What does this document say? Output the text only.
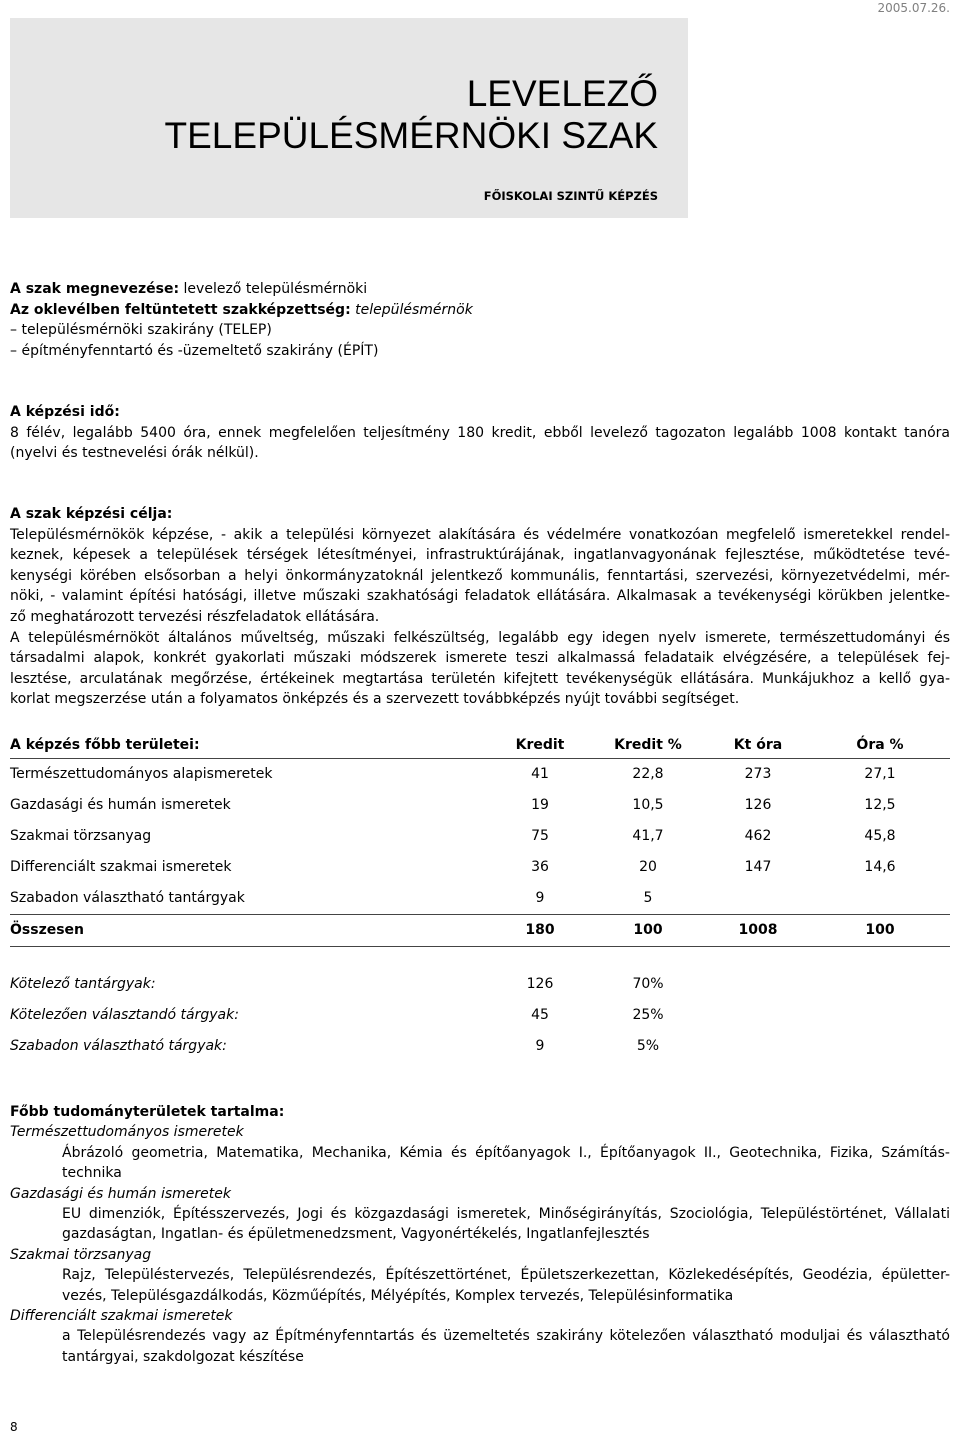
2005.07.26.
LEVELEZŐ
TELEPÜLÉSMÉRNÖKI SZAK
FŐISKOLAI SZINTŰ KÉPZÉS
A szak megnevezése: levelező településmérnöki
Az oklevélben feltüntetett szakképzettség: településmérnök
– településmérnöki szakirány (TELEP)
– építményfenntartó és -üzemeltető szakirány (ÉPÍT)
A képzési idő:
8 félév, legalább 5400 óra, ennek megfelelően teljesítmény 180 kredit, ebből levelező tagozaton legalább 1008 kontakt tanóra
(nyelvi és testnevelési órák nélkül).
A szak képzési célja:
Településmérnökök képzése, - akik a települési környezet alakítására és védelmére vonatkozóan megfelelő ismeretekkel rendel-
keznek, képesek a települések térségek létesítményei, infrastruktúrájának, ingatlanvagyonának fejlesztése, működtetése tevé-
kenységi körében elsősorban a helyi önkormányzatoknál jelentkező kommunális, fenntartási, szervezési, környezetvédelmi, mér-
nöki, - valamint építési hatósági, illetve műszaki szakhatósági feladatok ellátására. Alkalmasak a tevékenységi körükben jelentke-
ző meghatározott tervezési részfeladatok ellátására.
A településmérnököt általános műveltség, műszaki felkészültség, legalább egy idegen nyelv ismerete, természettudományi és
társadalmi alapok, konkrét gyakorlati műszaki módszerek ismerete teszi alkalmassá feladataik elvégzésére, a települések fej-
lesztése, arculatának megőrzése, értékeinek megtartása területén kifejtett tevékenységük ellátására. Munkájukhoz a kellő gya-
korlat megszerzése után a folyamatos önképzés és a szervezett továbbképzés nyújt további segítséget.
A képzés főbb területei:	Kredit	Kredit %	Kt óra	Óra %
Természettudományos alapismeretek	41	22,8	273	27,1
Gazdasági és humán ismeretek	19	10,5	126	12,5
Szakmai törzsanyag	75	41,7	462	45,8
Differenciált szakmai ismeretek	36	20	147	14,6
Szabadon választható tantárgyak	9	5
Összesen	180	100	1008	100
Kötelező tantárgyak:	126	70%
Kötelezően választandó tárgyak:	45	25%
Szabadon választható tárgyak:	9	5%
Főbb tudományterületek tartalma:
Természettudományos ismeretek
Ábrázoló geometria, Matematika, Mechanika, Kémia és építőanyagok I., Építőanyagok II., Geotechnika, Fizika, Számítás-
technika
Gazdasági és humán ismeretek
EU dimenziók, Építésszervezés, Jogi és közgazdasági ismeretek, Minőségirányítás, Szociológia, Településtörténet, Vállalati
gazdaságtan, Ingatlan- és épületmenedzsment, Vagyonértékelés, Ingatlanfejlesztés
Szakmai törzsanyag
Rajz, Településtervezés, Településrendezés, Építészettörténet, Épületszerkezettan, Közlekedésépítés, Geodézia, épületter-
vezés, Településgazdálkodás, Közműépítés, Mélyépítés, Komplex tervezés, Településinformatika
Differenciált szakmai ismeretek
a Településrendezés vagy az Építményfenntartás és üzemeltetés szakirány kötelezően választható moduljai és választható
tantárgyai, szakdolgozat készítése
8
